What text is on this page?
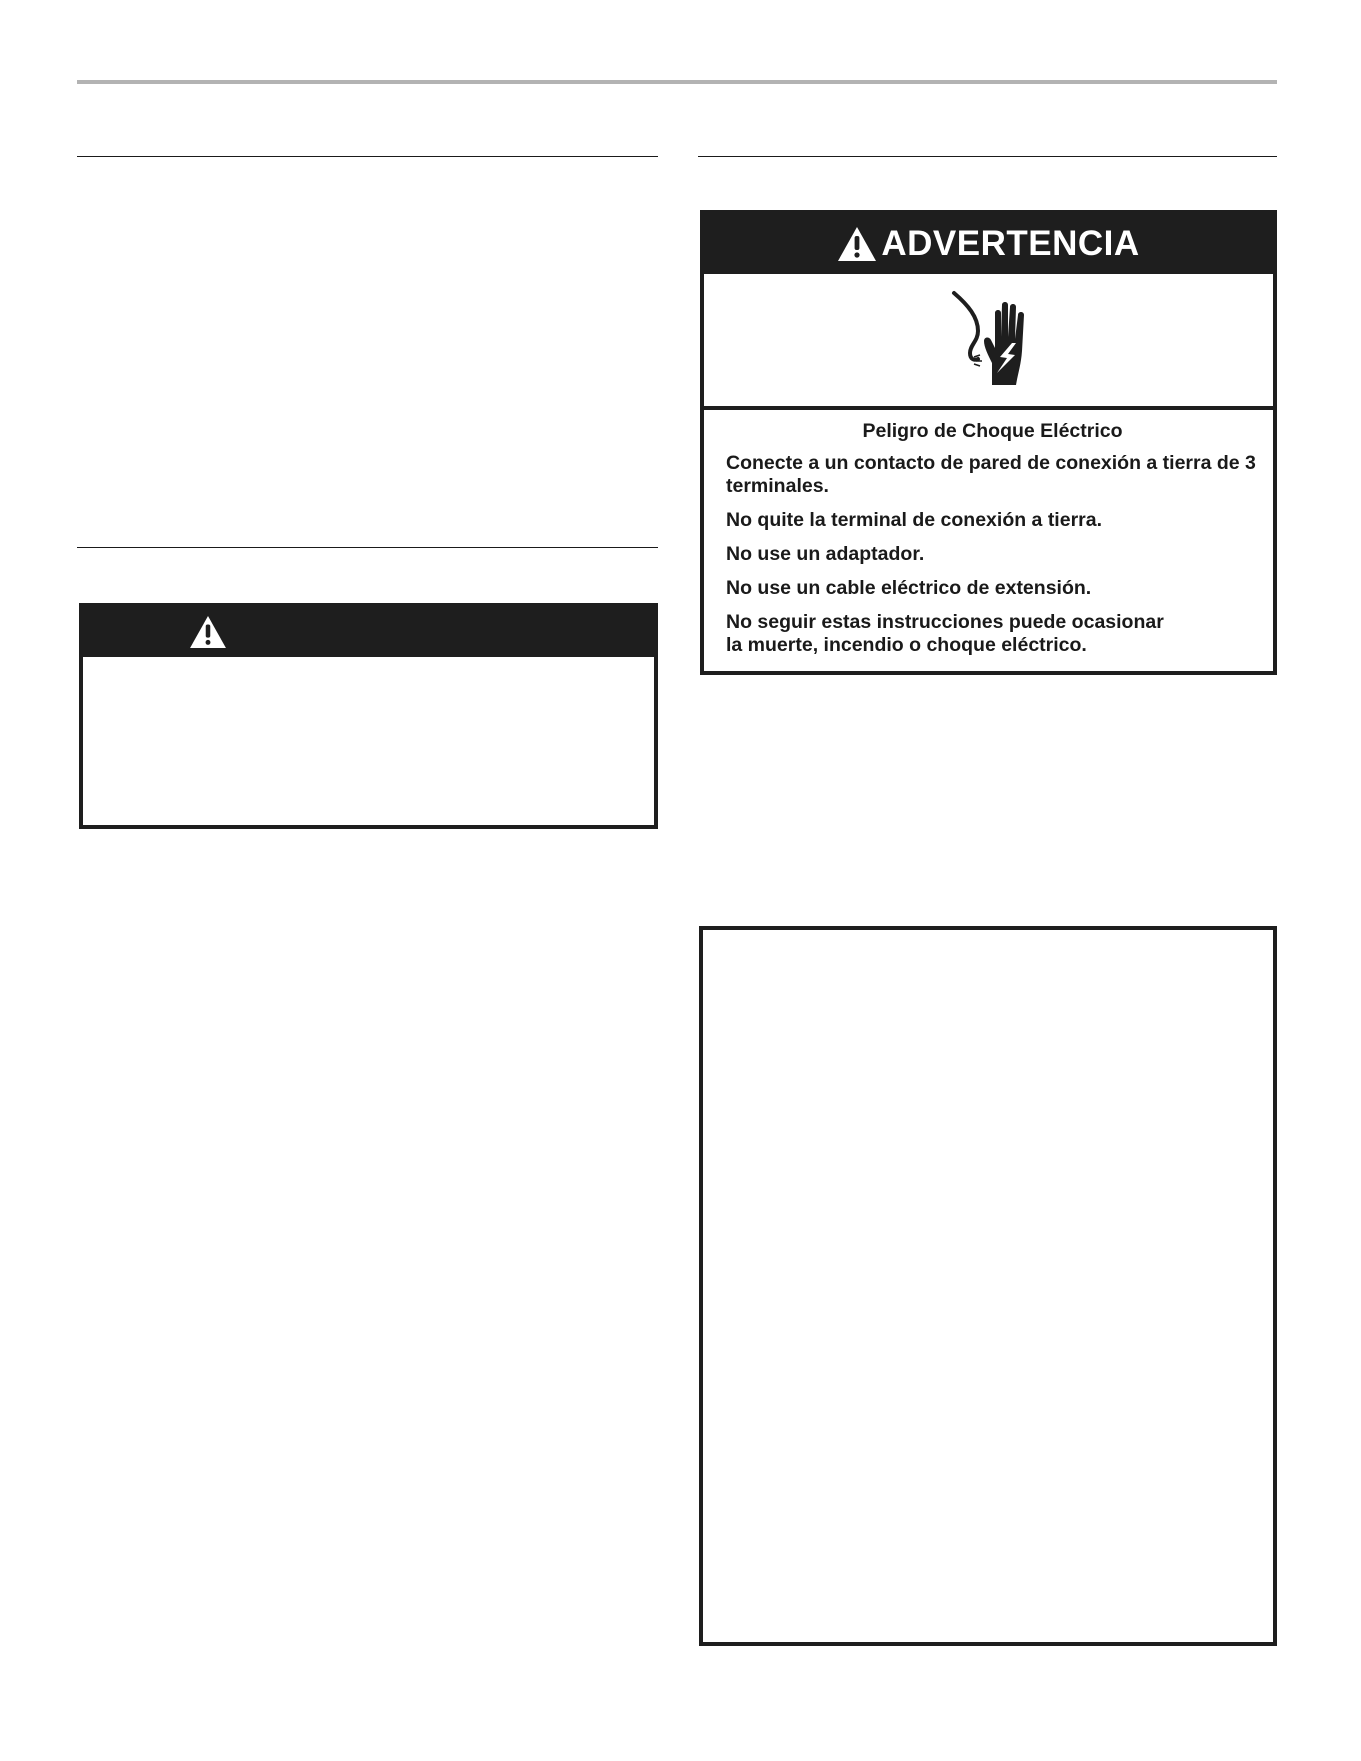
ADVERTENCIA

Peligro de Choque Eléctrico

Conecte a un contacto de pared de conexión a tierra de 3 terminales.

No quite la terminal de conexión a tierra.

No use un adaptador.

No use un cable eléctrico de extensión.

No seguir estas instrucciones puede ocasionar
la muerte, incendio o choque eléctrico.
